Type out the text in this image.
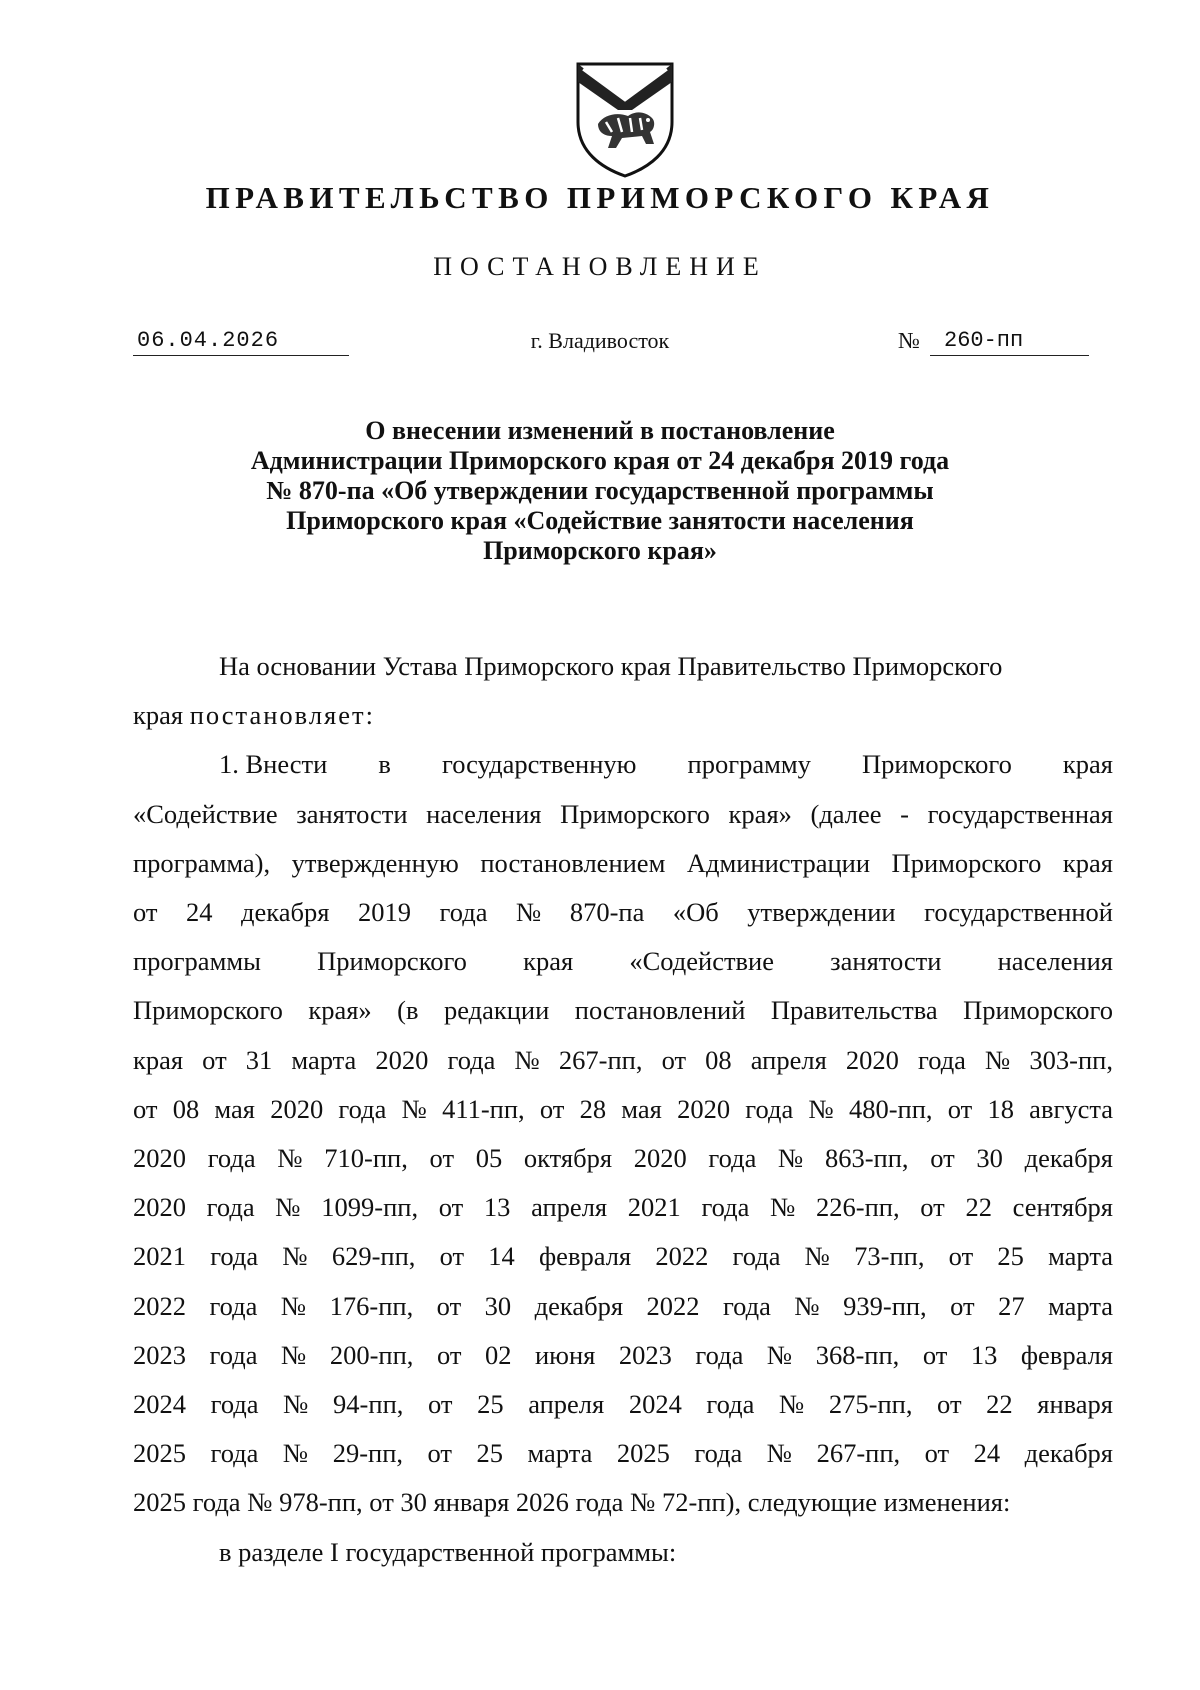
ПРАВИТЕЛЬСТВО ПРИМОРСКОГО КРАЯ
ПОСТАНОВЛЕНИЕ
06.04.2026	г. Владивосток	№	260-пп
О внесении изменений в постановление
Администрации Приморского края от 24 декабря 2019 года
№ 870-па «Об утверждении государственной программы
Приморского края «Содействие занятости населения
Приморского края»
На основании Устава Приморского края Правительство Приморского
края постановляет:
1. Внести в государственную программу Приморского края
«Содействие занятости населения Приморского края» (далее - государственная
программа), утвержденную постановлением Администрации Приморского края
от 24 декабря 2019 года № 870-па «Об утверждении государственной
программы Приморского края «Содействие занятости населения
Приморского края» (в редакции постановлений Правительства Приморского
края от 31 марта 2020 года № 267-пп, от 08 апреля 2020 года № 303-пп,
от 08 мая 2020 года № 411-пп, от 28 мая 2020 года № 480-пп, от 18 августа
2020 года № 710-пп, от 05 октября 2020 года № 863-пп, от 30 декабря
2020 года № 1099-пп, от 13 апреля 2021 года № 226-пп, от 22 сентября
2021 года № 629-пп, от 14 февраля 2022 года № 73-пп, от 25 марта
2022 года № 176-пп, от 30 декабря 2022 года № 939-пп, от 27 марта
2023 года № 200-пп, от 02 июня 2023 года № 368-пп, от 13 февраля
2024 года № 94-пп, от 25 апреля 2024 года № 275-пп, от 22 января
2025 года № 29-пп, от 25 марта 2025 года № 267-пп, от 24 декабря
2025 года № 978-пп, от 30 января 2026 года № 72-пп), следующие изменения:
в разделе I государственной программы:
